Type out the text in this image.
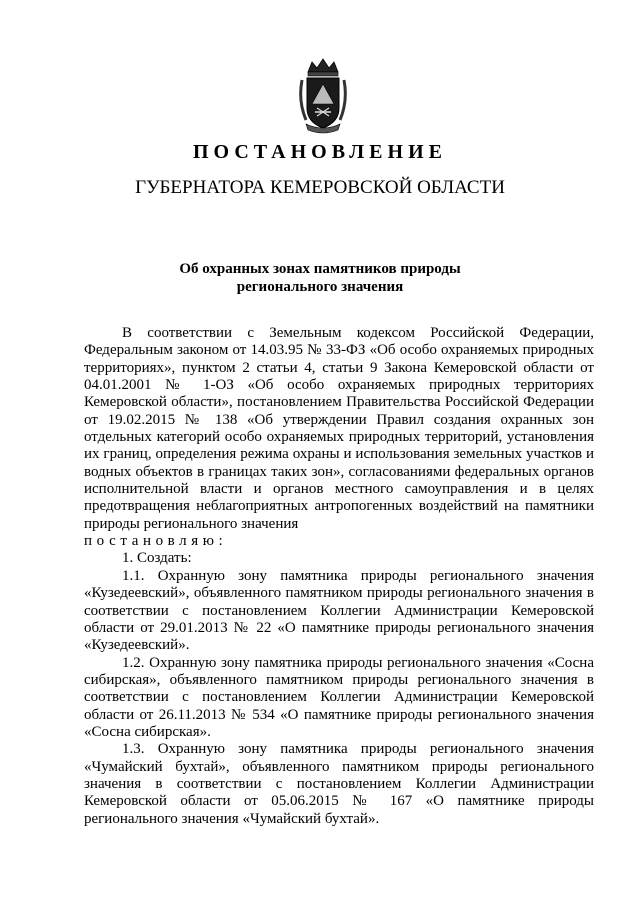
ПОСТАНОВЛЕНИЕ
ГУБЕРНАТОРА КЕМЕРОВСКОЙ ОБЛАСТИ
Об охранных зонах памятников природы
регионального значения

В соответствии с Земельным кодексом Российской Федерации, Федеральным законом от 14.03.95 № 33-ФЗ «Об особо охраняемых природных территориях», пунктом 2 статьи 4, статьи 9 Закона Кемеровской области от 04.01.2001 № 1-ОЗ «Об особо охраняемых природных территориях Кемеровской области», постановлением Правительства Российской Федерации от 19.02.2015 № 138 «Об утверждении Правил создания охранных зон отдельных категорий особо охраняемых природных территорий, установления их границ, определения режима охраны и использования земельных участков и водных объектов в границах таких зон», согласованиями федеральных органов исполнительной власти и органов местного самоуправления и в целях предотвращения неблагоприятных антропогенных воздействий на памятники природы регионального значения

постановляю:

1. Создать:

1.1. Охранную зону памятника природы регионального значения «Кузедеевский», объявленного памятником природы регионального значения в соответствии с постановлением Коллегии Администрации Кемеровской области от 29.01.2013 № 22 «О памятнике природы регионального значения «Кузедеевский».

1.2. Охранную зону памятника природы регионального значения «Сосна сибирская», объявленного памятником природы регионального значения в соответствии с постановлением Коллегии Администрации Кемеровской области от 26.11.2013 № 534 «О памятнике природы регионального значения «Сосна сибирская».

1.3. Охранную зону памятника природы регионального значения «Чумайский бухтай», объявленного памятником природы регионального значения в соответствии с постановлением Коллегии Администрации Кемеровской области от 05.06.2015 № 167 «О памятнике природы регионального значения «Чумайский бухтай».
